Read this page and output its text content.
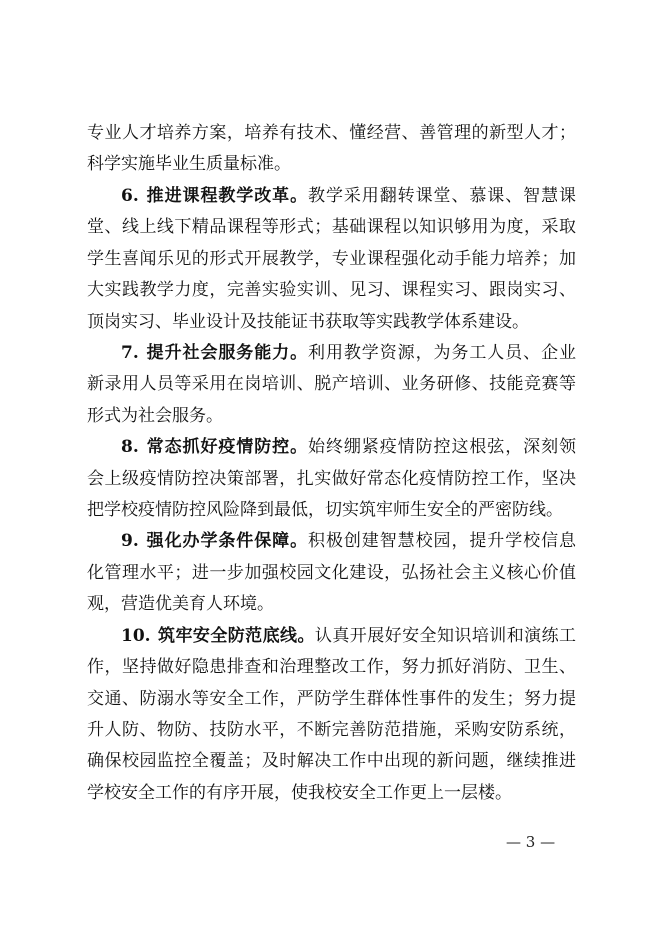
专业人才培养方案，培养有技术、懂经营、善管理的新型人才；
科学实施毕业生质量标准。
6. 推进课程教学改革。教学采用翻转课堂、慕课、智慧课
堂、线上线下精品课程等形式；基础课程以知识够用为度，采取
学生喜闻乐见的形式开展教学，专业课程强化动手能力培养；加
大实践教学力度，完善实验实训、见习、课程实习、跟岗实习、
顶岗实习、毕业设计及技能证书获取等实践教学体系建设。
7. 提升社会服务能力。利用教学资源，为务工人员、企业
新录用人员等采用在岗培训、脱产培训、业务研修、技能竞赛等
形式为社会服务。
8. 常态抓好疫情防控。始终绷紧疫情防控这根弦，深刻领
会上级疫情防控决策部署，扎实做好常态化疫情防控工作，坚决
把学校疫情防控风险降到最低，切实筑牢师生安全的严密防线。
9. 强化办学条件保障。积极创建智慧校园，提升学校信息
化管理水平；进一步加强校园文化建设，弘扬社会主义核心价值
观，营造优美育人环境。
10. 筑牢安全防范底线。认真开展好安全知识培训和演练工
作，坚持做好隐患排查和治理整改工作，努力抓好消防、卫生、
交通、防溺水等安全工作，严防学生群体性事件的发生；努力提
升人防、物防、技防水平，不断完善防范措施，采购安防系统，
确保校园监控全覆盖；及时解决工作中出现的新问题，继续推进
学校安全工作的有序开展，使我校安全工作更上一层楼。
— 3 —
